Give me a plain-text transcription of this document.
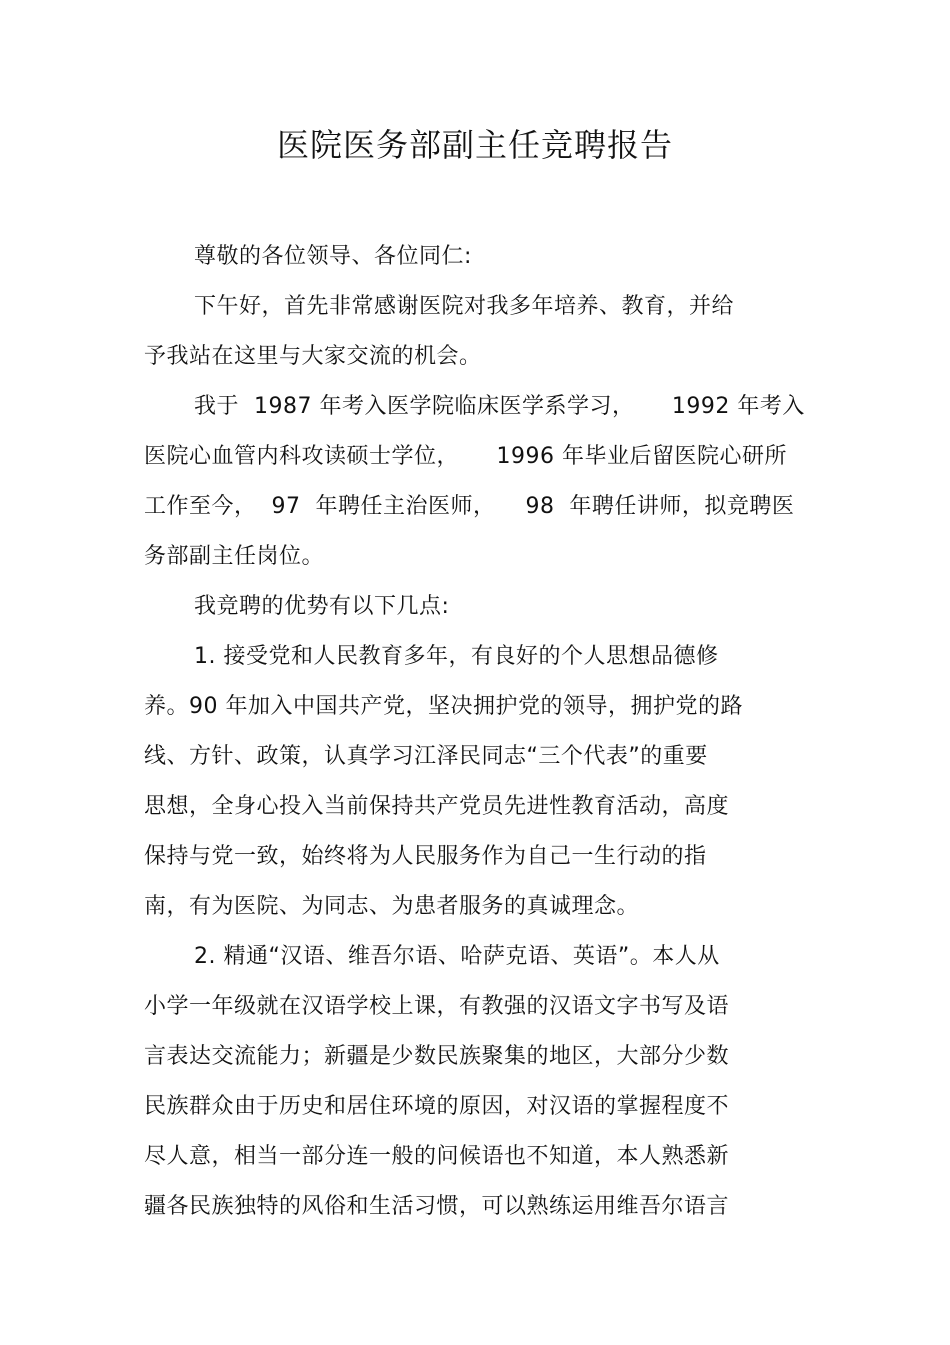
医院医务部副主任竞聘报告
尊敬的各位领导、各位同仁:
下午好，首先非常感谢医院对我多年培养、教育，并给
予我站在这里与大家交流的机会。
我于  1987 年考入医学院临床医学系学习，     1992 年考入
医院心血管内科攻读硕士学位，     1996 年毕业后留医院心研所
工作至今，  97  年聘任主治医师，    98  年聘任讲师，拟竞聘医
务部副主任岗位。
我竞聘的优势有以下几点:
1. 接受党和人民教育多年，有良好的个人思想品德修
养。90 年加入中国共产党，坚决拥护党的领导，拥护党的路
线、方针、政策，认真学习江泽民同志“三个代表”的重要
思想，全身心投入当前保持共产党员先进性教育活动，高度
保持与党一致，始终将为人民服务作为自己一生行动的指
南，有为医院、为同志、为患者服务的真诚理念。
2. 精通“汉语、维吾尔语、哈萨克语、英语”。本人从
小学一年级就在汉语学校上课，有教强的汉语文字书写及语
言表达交流能力；新疆是少数民族聚集的地区，大部分少数
民族群众由于历史和居住环境的原因，对汉语的掌握程度不
尽人意，相当一部分连一般的问候语也不知道，本人熟悉新
疆各民族独特的风俗和生活习惯，可以熟练运用维吾尔语言
